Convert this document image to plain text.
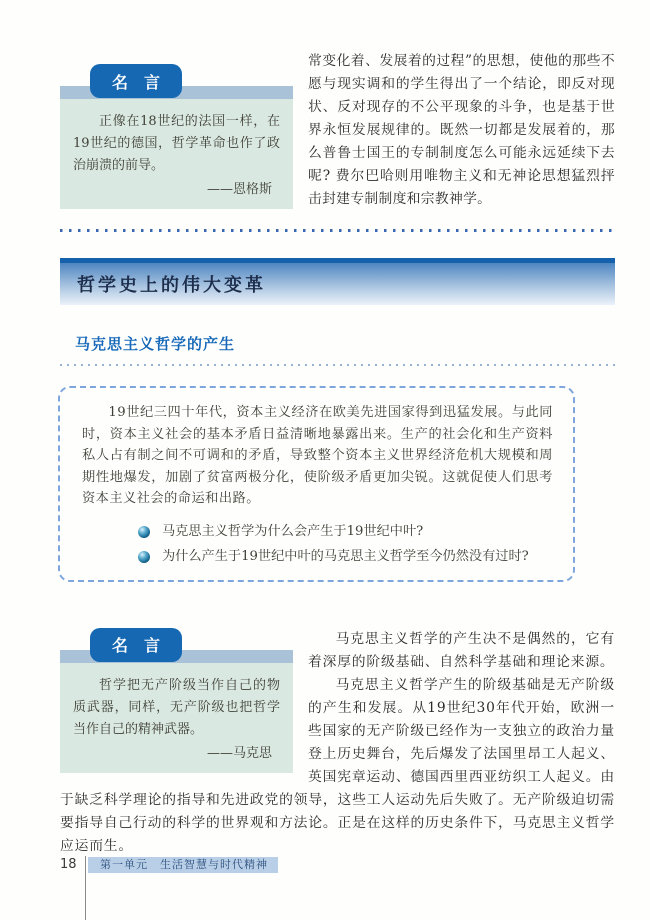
名　言

正像在18世纪的法国一样，在19世纪的德国，哲学革命也作了政治崩溃的前导。

——恩格斯

常变化着、发展着的过程”的思想，使他的那些不愿与现实调和的学生得出了一个结论，即反对现状、反对现存的不公平现象的斗争，也是基于世界永恒发展规律的。既然一切都是发展着的，那么普鲁士国王的专制制度怎么可能永远延续下去呢? 费尔巴哈则用唯物主义和无神论思想猛烈抨击封建专制制度和宗教神学。

哲学史上的伟大变革
马克思主义哲学的产生

19世纪三四十年代，资本主义经济在欧美先进国家得到迅猛发展。与此同时，资本主义社会的基本矛盾日益清晰地暴露出来。生产的社会化和生产资料私人占有制之间不可调和的矛盾，导致整个资本主义世界经济危机大规模和周期性地爆发，加剧了贫富两极分化，使阶级矛盾更加尖锐。这就促使人们思考资本主义社会的命运和出路。

马克思主义哲学为什么会产生于19世纪中叶?
为什么产生于19世纪中叶的马克思主义哲学至今仍然没有过时?
名　言

哲学把无产阶级当作自己的物质武器，同样，无产阶级也把哲学当作自己的精神武器。

——马克思

马克思主义哲学的产生决不是偶然的，它有着深厚的阶级基础、自然科学基础和理论来源。

马克思主义哲学产生的阶级基础是无产阶级的产生和发展。从19世纪30年代开始，欧洲一些国家的无产阶级已经作为一支独立的政治力量登上历史舞台，先后爆发了法国里昂工人起义、英国宪章运动、德国西里西亚纺织工人起义。由于缺乏科学理论的指导和先进政党的领导，这些工人运动先后失败了。无产阶级迫切需要指导自己行动的科学的世界观和方法论。正是在这样的历史条件下，马克思主义哲学应运而生。

18	第一单元　生活智慧与时代精神
